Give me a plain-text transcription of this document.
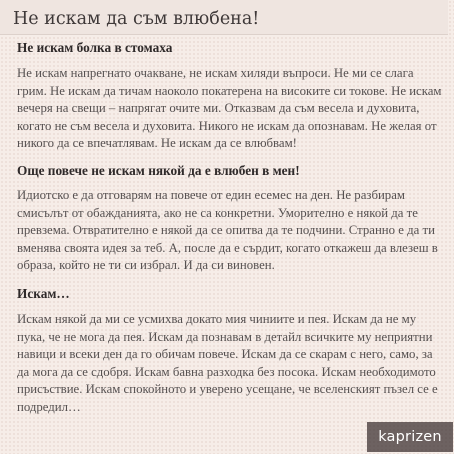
Не искам да съм влюбена!
Не искам болка в стомаха

Не искам напрегнато очакване, не искам хиляди въпроси. Не ми се слага грим. Не искам да тичам наоколо покатерена на високите си токове. Не искам вечеря на свещи – напрягат очите ми. Отказвам да съм весела и духовита, когато не съм весела и духовита. Никого не искам да опознавам. Не желая от никого да се впечатлявам. Не искам да се влюбвам!

Още повече не искам някой да е влюбен в мен!

Идиотско е да отговарям на повече от един есемес на ден. Не разбирам смисълът от обажданията, ако не са конкретни. Уморително е някой да те превзема. Отвратително е някой да се опитва да те подчини. Странно е да ти вменява своята идея за теб. А, после да е сърдит, когато откажеш да влезеш в образа, който не ти си избрал. И да си виновен.

Искам…

Искам някой да ми се усмихва докато мия чиниите и пея. Искам да не му пука, че не мога да пея. Искам да познавам в детайл всичките му неприятни навици и всеки ден да го обичам повече. Искам да се скарам с него, само, за да мога да се сдобря. Искам бавна разходка без посока. Искам необходимото присъствие. Искам спокойното и уверено усещане, че вселенският пъзел се е подредил…

kaprizen
